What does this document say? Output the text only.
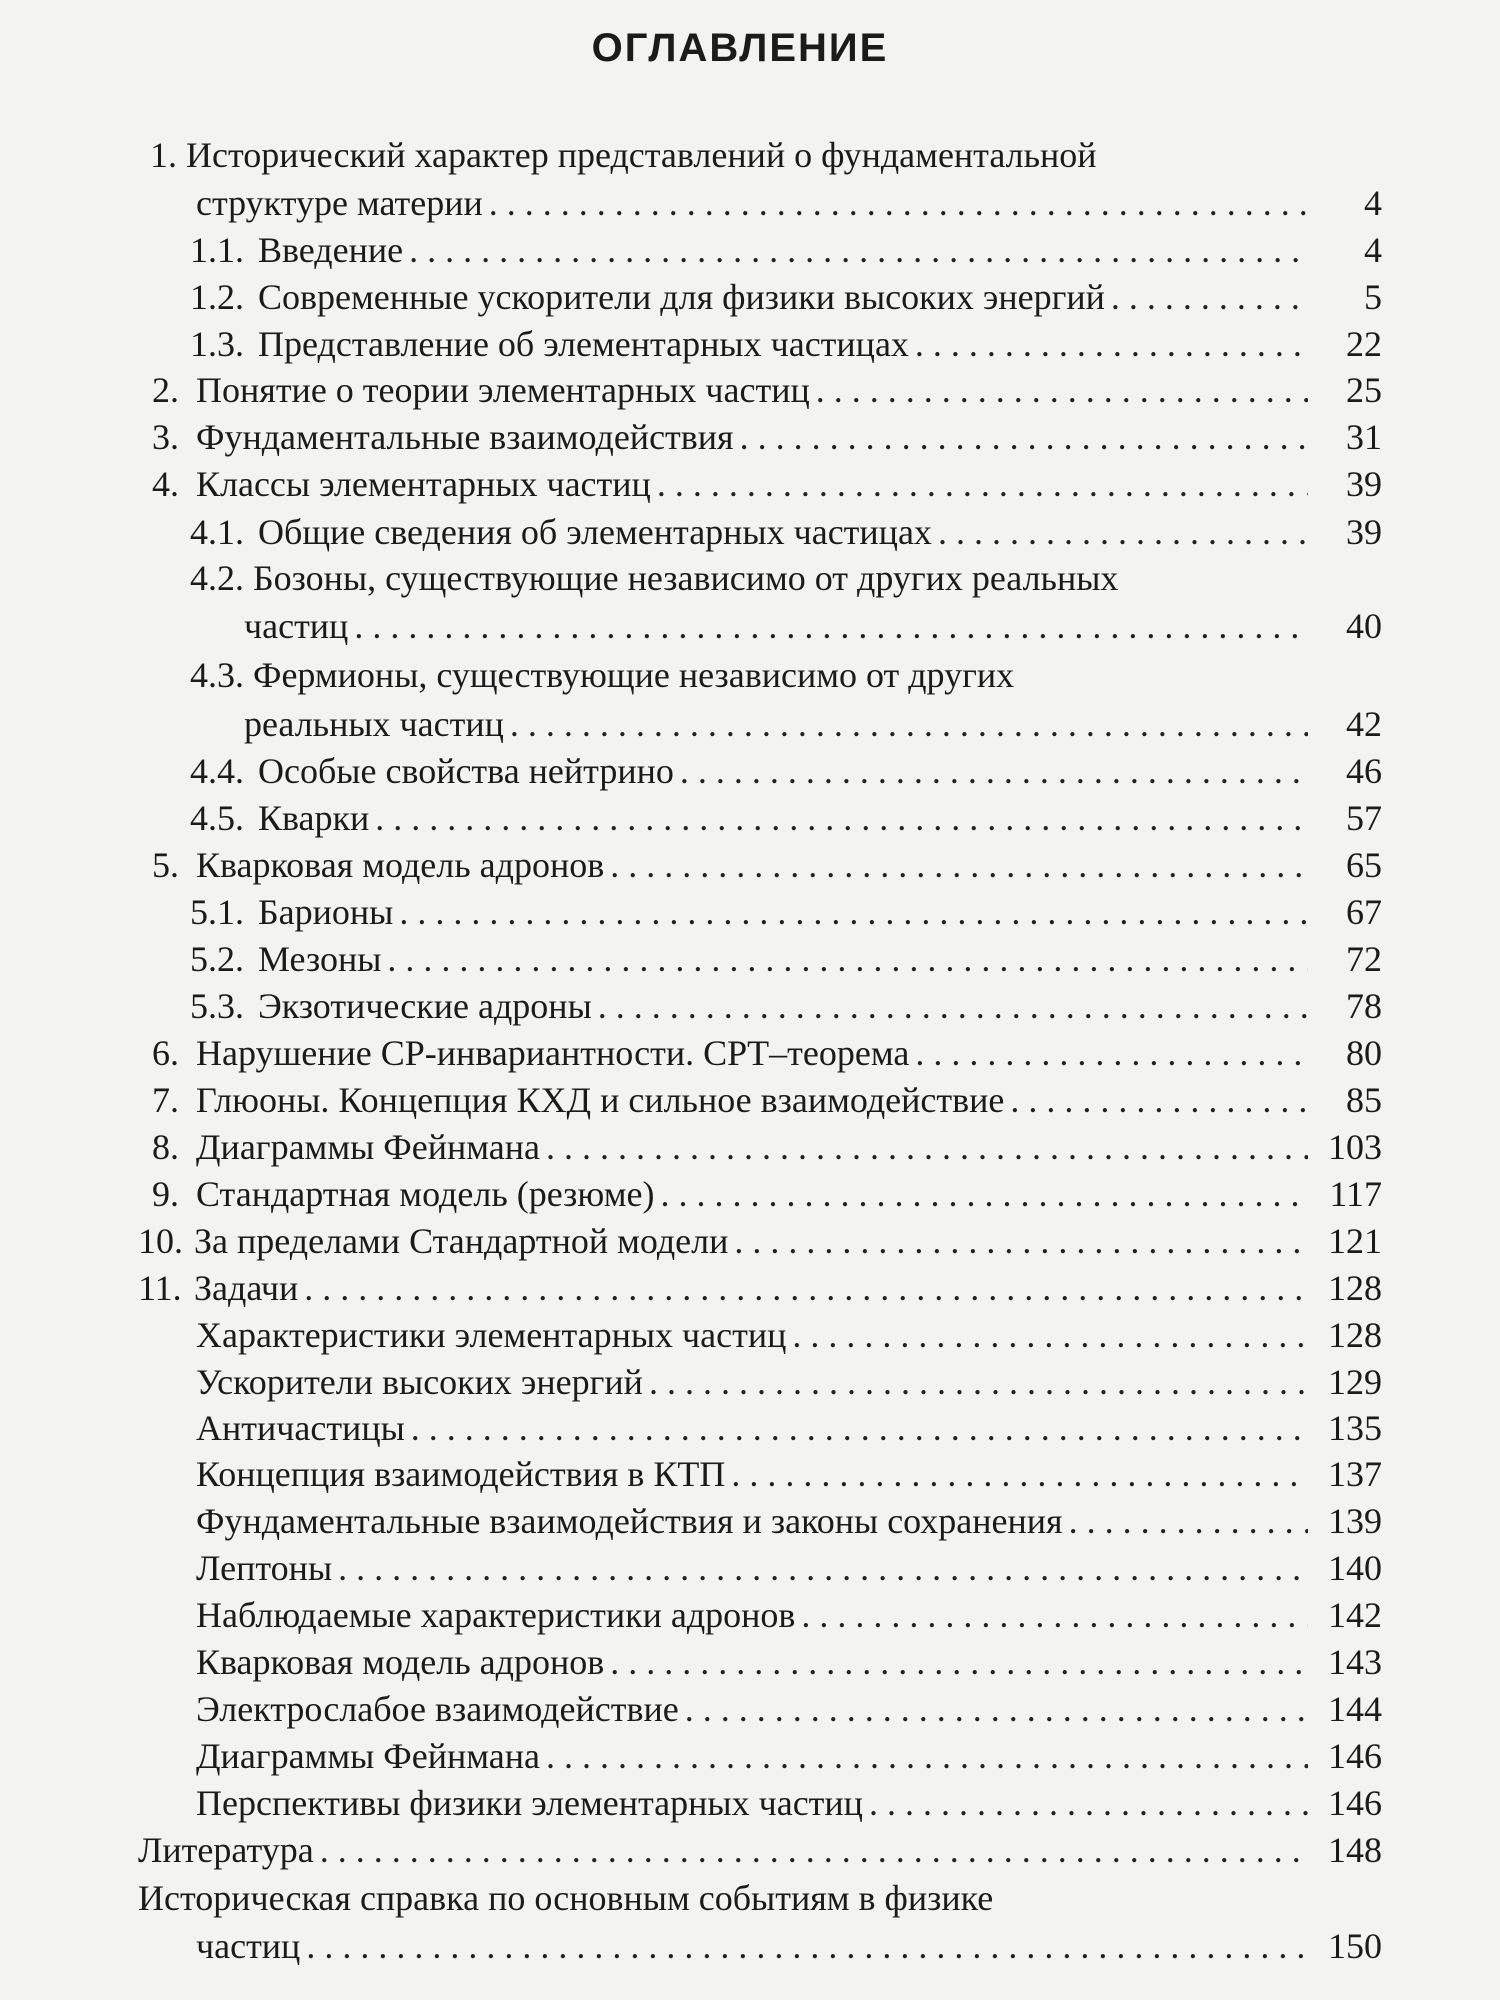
ОГЛАВЛЕНИЕ
1. Исторический характер представлений о фундаментальной
структуре материи . . .	4
1.1. Введение . . .	4
1.2. Современные ускорители для физики высоких энергий . . .	5
1.3. Представление об элементарных частицах . . .	22
2. Понятие о теории элементарных частиц . . .	25
3. Фундаментальные взаимодействия . . .	31
4. Классы элементарных частиц . . .	39
4.1. Общие сведения об элементарных частицах . . .	39
4.2. Бозоны, существующие независимо от других реальных
частиц . . .	40
4.3. Фермионы, существующие независимо от других
реальных частиц . . .	42
4.4. Особые свойства нейтрино . . .	46
4.5. Кварки . . .	57
5. Кварковая модель адронов . . .	65
5.1. Барионы . . .	67
5.2. Мезоны . . .	72
5.3. Экзотические адроны . . .	78
6. Нарушение CP-инвариантности. CPT–теорема . . .	80
7. Глюоны. Концепция КХД и сильное взаимодействие . . .	85
8. Диаграммы Фейнмана . . .	103
9. Стандартная модель (резюме) . . .	117
10. За пределами Стандартной модели . . .	121
11. Задачи . . .	128
Характеристики элементарных частиц . . .	128
Ускорители высоких энергий . . .	129
Античастицы . . .	135
Концепция взаимодействия в КТП . . .	137
Фундаментальные взаимодействия и законы сохранения . . .	139
Лептоны . . .	140
Наблюдаемые характеристики адронов . . .	142
Кварковая модель адронов . . .	143
Электрослабое взаимодействие . . .	144
Диаграммы Фейнмана . . .	146
Перспективы физики элементарных частиц . . .	146
Литература . . .	148
Историческая справка по основным событиям в физике
частиц . . .	150
